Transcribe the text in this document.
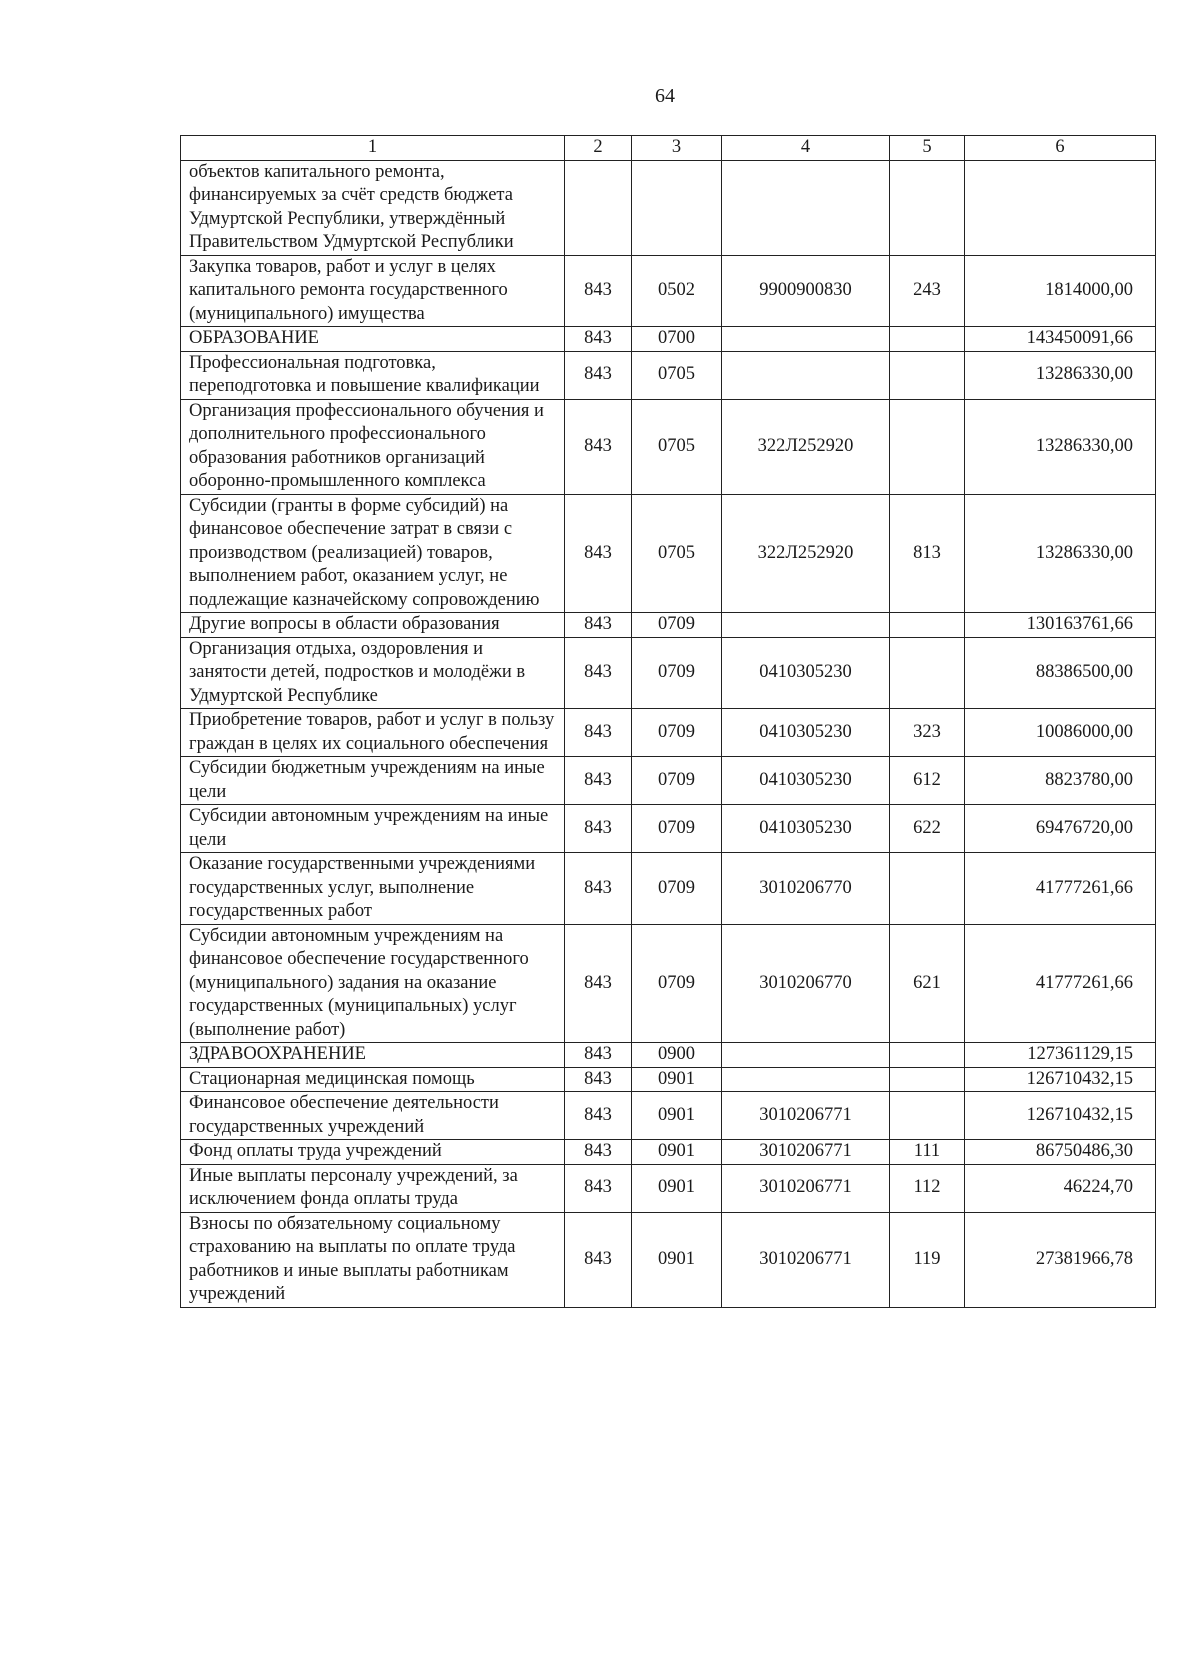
64
1	2	3	4	5	6
объектов капитального ремонта, финансируемых за счёт средств бюджета Удмуртской Республики, утверждённый Правительством Удмуртской Республики					
Закупка товаров, работ и услуг в целях капитального ремонта государственного (муниципального) имущества	843	0502	9900900830	243	1814000,00
ОБРАЗОВАНИЕ	843	0700			143450091,66
Профессиональная подготовка, переподготовка и повышение квалификации	843	0705			13286330,00
Организация профессионального обучения и дополнительного профессионального образования работников организаций оборонно-промышленного комплекса	843	0705	322Л252920		13286330,00
Субсидии (гранты в форме субсидий) на финансовое обеспечение затрат в связи с производством (реализацией) товаров, выполнением работ, оказанием услуг, не подлежащие казначейскому сопровождению	843	0705	322Л252920	813	13286330,00
Другие вопросы в области образования	843	0709			130163761,66
Организация отдыха, оздоровления и занятости детей, подростков и молодёжи в Удмуртской Республике	843	0709	0410305230		88386500,00
Приобретение товаров, работ и услуг в пользу граждан в целях их социального обеспечения	843	0709	0410305230	323	10086000,00
Субсидии бюджетным учреждениям на иные цели	843	0709	0410305230	612	8823780,00
Субсидии автономным учреждениям на иные цели	843	0709	0410305230	622	69476720,00
Оказание государственными учреждениями государственных услуг, выполнение государственных работ	843	0709	3010206770		41777261,66
Субсидии автономным учреждениям на финансовое обеспечение государственного (муниципального) задания на оказание государственных (муниципальных) услуг (выполнение работ)	843	0709	3010206770	621	41777261,66
ЗДРАВООХРАНЕНИЕ	843	0900			127361129,15
Стационарная медицинская помощь	843	0901			126710432,15
Финансовое обеспечение деятельности государственных учреждений	843	0901	3010206771		126710432,15
Фонд оплаты труда учреждений	843	0901	3010206771	111	86750486,30
Иные выплаты персоналу учреждений, за исключением фонда оплаты труда	843	0901	3010206771	112	46224,70
Взносы по обязательному социальному страхованию на выплаты по оплате труда работников и иные выплаты работникам учреждений	843	0901	3010206771	119	27381966,78
